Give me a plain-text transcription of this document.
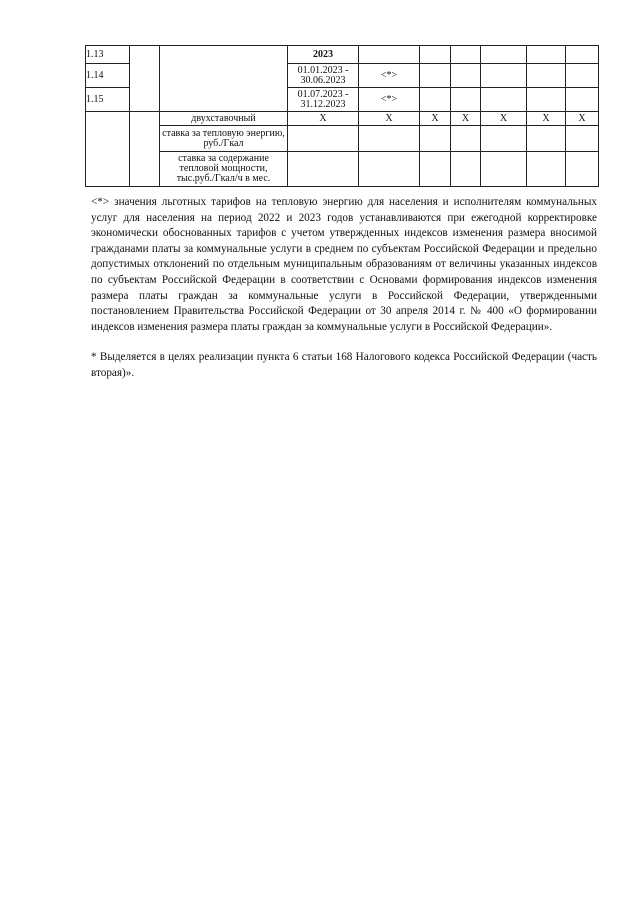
1.13			2023						
1.14			01.01.2023 - 30.06.2023	<*>					
1.15			01.07.2023 - 31.12.2023	<*>					
		двухставочный	Х	Х	Х	Х	Х	Х	Х
		ставка за тепловую энергию, руб./Гкал							
		ставка за содержание тепловой мощности, тыс.руб./Гкал/ч в мес.							

<*> значения льготных тарифов на тепловую энергию для населения и исполнителям коммунальных услуг для населения на период 2022 и 2023 годов устанавливаются при ежегодной корректировке экономически обоснованных тарифов с учетом утвержденных индексов изменения размера вносимой гражданами платы за коммунальные услуги в среднем по субъектам Российской Федерации и предельно допустимых отклонений по отдельным муниципальным образованиям от величины указанных индексов по субъектам Российской Федерации в соответствии с Основами формирования индексов изменения размера платы граждан за коммунальные услуги в Российской Федерации, утвержденными постановлением Правительства Российской Федерации от 30 апреля 2014 г. № 400 «О формировании индексов изменения размера платы граждан за коммунальные услуги в Российской Федерации».

* Выделяется в целях реализации пункта 6 статьи 168 Налогового кодекса Российской Федерации (часть вторая)».
